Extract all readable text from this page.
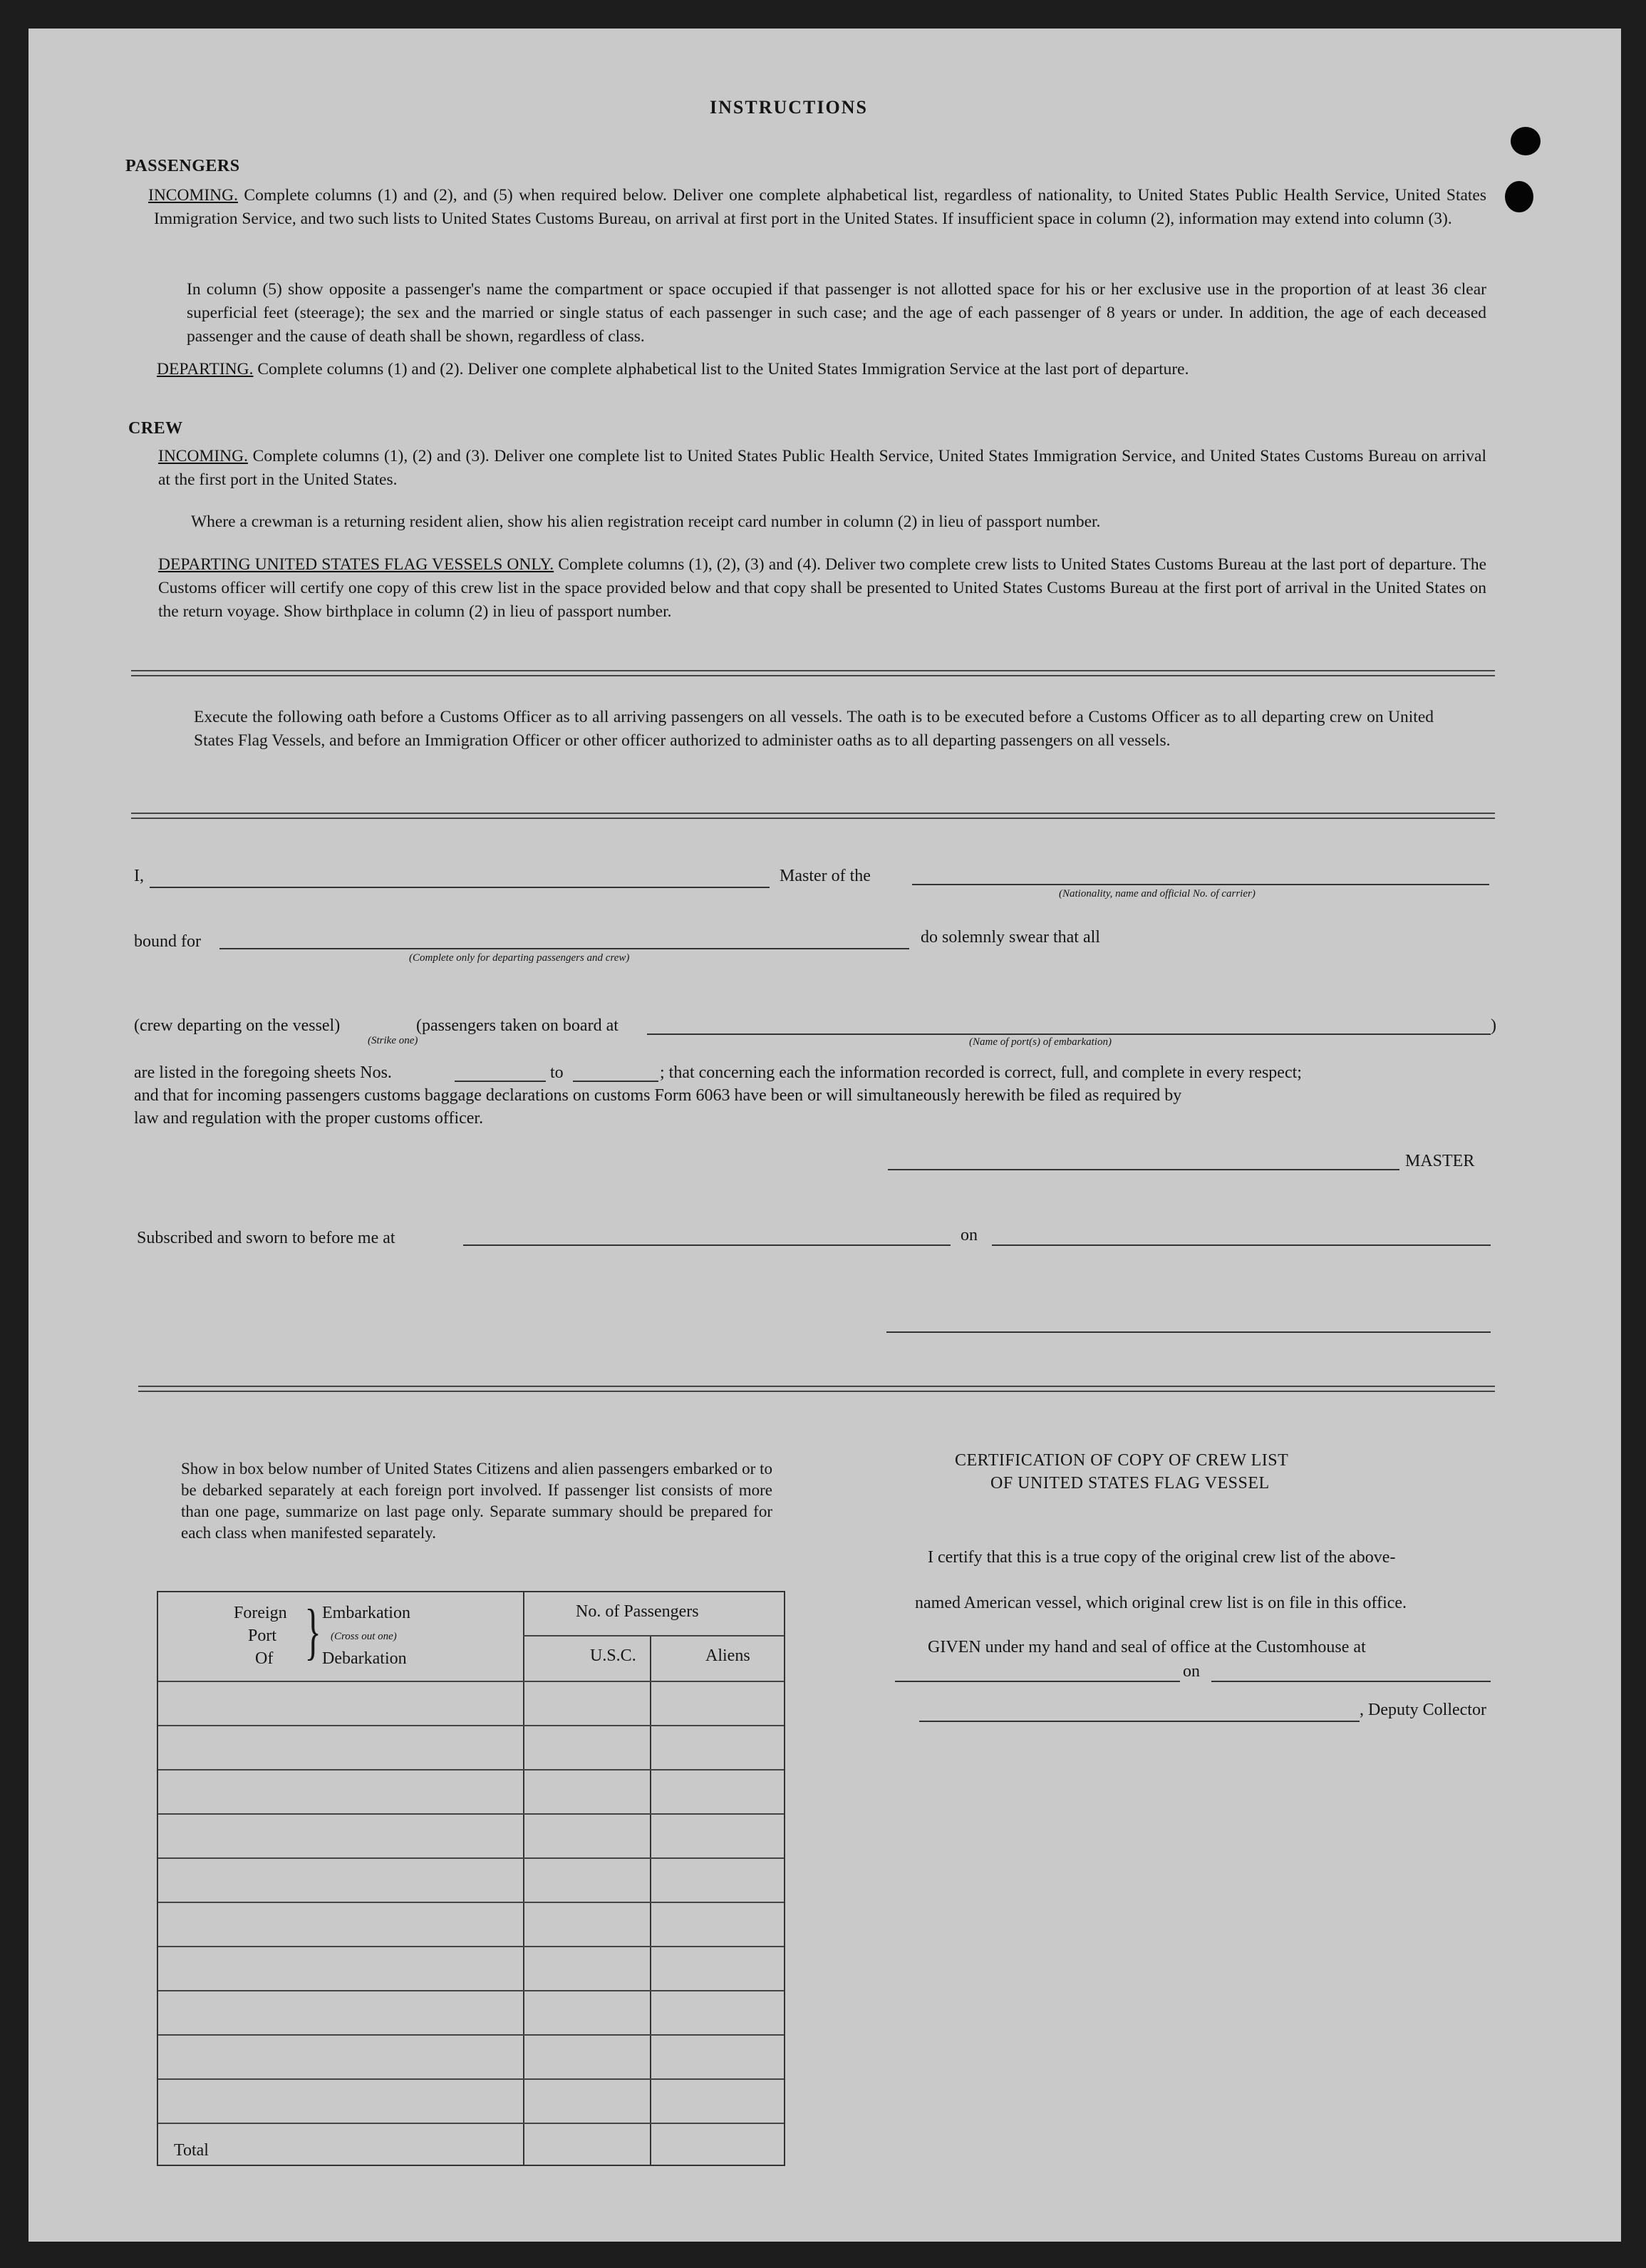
INSTRUCTIONS
PASSENGERS
INCOMING. Complete columns (1) and (2), and (5) when required below. Deliver one complete alphabetical list, regardless of nationality, to United States Public Health Service, United States Immigration Service, and two such lists to United States Customs Bureau, on arrival at first port in the United States. If insufficient space in column (2), information may extend into column (3).
In column (5) show opposite a passenger's name the compartment or space occupied if that passenger is not allotted space for his or her exclusive use in the proportion of at least 36 clear superficial feet (steerage); the sex and the married or single status of each passenger in such case; and the age of each passenger of 8 years or under. In addition, the age of each deceased passenger and the cause of death shall be shown, regardless of class.
DEPARTING. Complete columns (1) and (2). Deliver one complete alphabetical list to the United States Immigration Service at the last port of departure.
CREW
INCOMING. Complete columns (1), (2) and (3). Deliver one complete list to United States Public Health Service, United States Immigration Service, and United States Customs Bureau on arrival at the first port in the United States.
Where a crewman is a returning resident alien, show his alien registration receipt card number in column (2) in lieu of passport number.
DEPARTING UNITED STATES FLAG VESSELS ONLY. Complete columns (1), (2), (3) and (4). Deliver two complete crew lists to United States Customs Bureau at the last port of departure. The Customs officer will certify one copy of this crew list in the space provided below and that copy shall be presented to United States Customs Bureau at the first port of arrival in the United States on the return voyage. Show birthplace in column (2) in lieu of passport number.
Execute the following oath before a Customs Officer as to all arriving passengers on all vessels. The oath is to be executed before a Customs Officer as to all departing crew on United States Flag Vessels, and before an Immigration Officer or other officer authorized to administer oaths as to all departing passengers on all vessels.
I,	Master of the
(Nationality, name and official No. of carrier)
bound for
(Complete only for departing passengers and crew)
do solemnly swear that all
(crew departing on the vessel)
(Strike one)
(passengers taken on board at
(Name of port(s) of embarkation)
)
are listed in the foregoing sheets Nos.	to	; that concerning each the information recorded is correct, full, and complete in every respect;
and that for incoming passengers customs baggage declarations on customs Form 6063 have been or will simultaneously herewith be filed as required by
law and regulation with the proper customs officer.
MASTER
Subscribed and sworn to before me at	on
Show in box below number of United States Citizens and alien passengers embarked or to be debarked separately at each foreign port involved. If passenger list consists of more than one page, summarize on last page only. Separate summary should be prepared for each class when manifested separately.
Foreign
Port
Of } Embarkation
(Cross out one)
Debarkation
No. of Passengers
U.S.C.	Aliens
Total
CERTIFICATION OF COPY OF CREW LIST
OF UNITED STATES FLAG VESSEL
I certify that this is a true copy of the original crew list of the above-
named American vessel, which original crew list is on file in this office.
GIVEN under my hand and seal of office at the Customhouse at
on
, Deputy Collector
